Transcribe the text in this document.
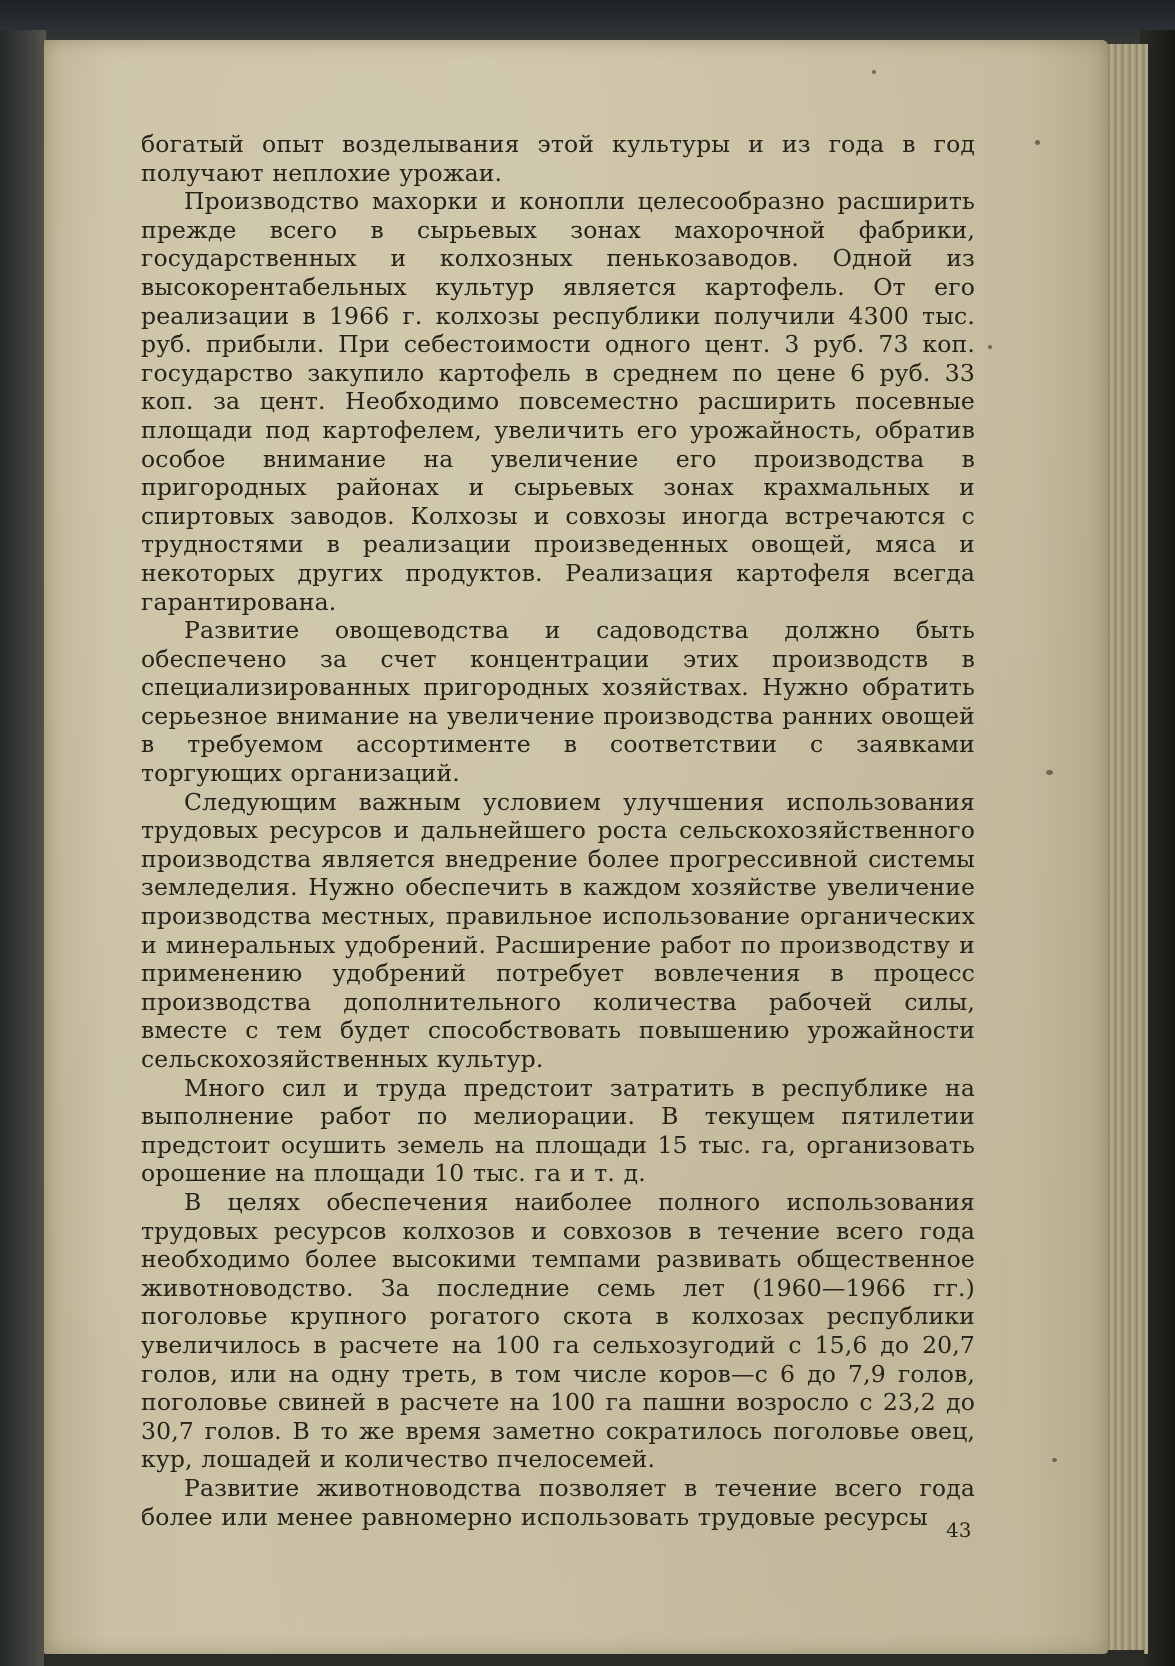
богатый опыт возделывания этой культуры и из года в год получают неплохие урожаи.

Производство махорки и конопли целесообразно расширить прежде всего в сырьевых зонах махорочной фабрики, государственных и колхозных пенькозаводов. Одной из высокорентабельных культур является картофель. От его реализации в 1966 г. колхозы республики получили 4300 тыс. руб. прибыли. При себестоимости одного цент. 3 руб. 73 коп. государство закупило картофель в среднем по цене 6 руб. 33 коп. за цент. Необходимо повсеместно расширить посевные площади под картофелем, увеличить его урожайность, обратив особое внимание на увеличение его производства в пригородных районах и сырьевых зонах крахмальных и спиртовых заводов. Колхозы и совхозы иногда встречаются с трудностями в реализации произведенных овощей, мяса и некоторых других продуктов. Реализация картофеля всегда гарантирована.

Развитие овощеводства и садоводства должно быть обеспечено за счет концентрации этих производств в специализированных пригородных хозяйствах. Нужно обратить серьезное внимание на увеличение производства ранних овощей в требуемом ассортименте в соответствии с заявками торгующих организаций.

Следующим важным условием улучшения использования трудовых ресурсов и дальнейшего роста сельскохозяйственного производства является внедрение более прогрессивной системы земледелия. Нужно обеспечить в каждом хозяйстве увеличение производства местных, правильное использование органических и минеральных удобрений. Расширение работ по производству и применению удобрений потребует вовлечения в процесс производства дополнительного количества рабочей силы, вместе с тем будет способствовать повышению урожайности сельскохозяйственных культур.

Много сил и труда предстоит затратить в республике на выполнение работ по мелиорации. В текущем пятилетии предстоит осушить земель на площади 15 тыс. га, организовать орошение на площади 10 тыс. га и т. д.

В целях обеспечения наиболее полного использования трудовых ресурсов колхозов и совхозов в течение всего года необходимо более высокими темпами развивать общественное животноводство. За последние семь лет (1960—1966 гг.) поголовье крупного рогатого скота в колхозах республики увеличилось в расчете на 100 га сельхозугодий с 15,6 до 20,7 голов, или на одну треть, в том числе коров—с 6 до 7,9 голов, поголовье свиней в расчете на 100 га пашни возросло с 23,2 до 30,7 голов. В то же время заметно сократилось поголовье овец, кур, лошадей и количество пчелосемей.

Развитие животноводства позволяет в течение всего года более или менее равномерно использовать трудовые ресурсы 43
